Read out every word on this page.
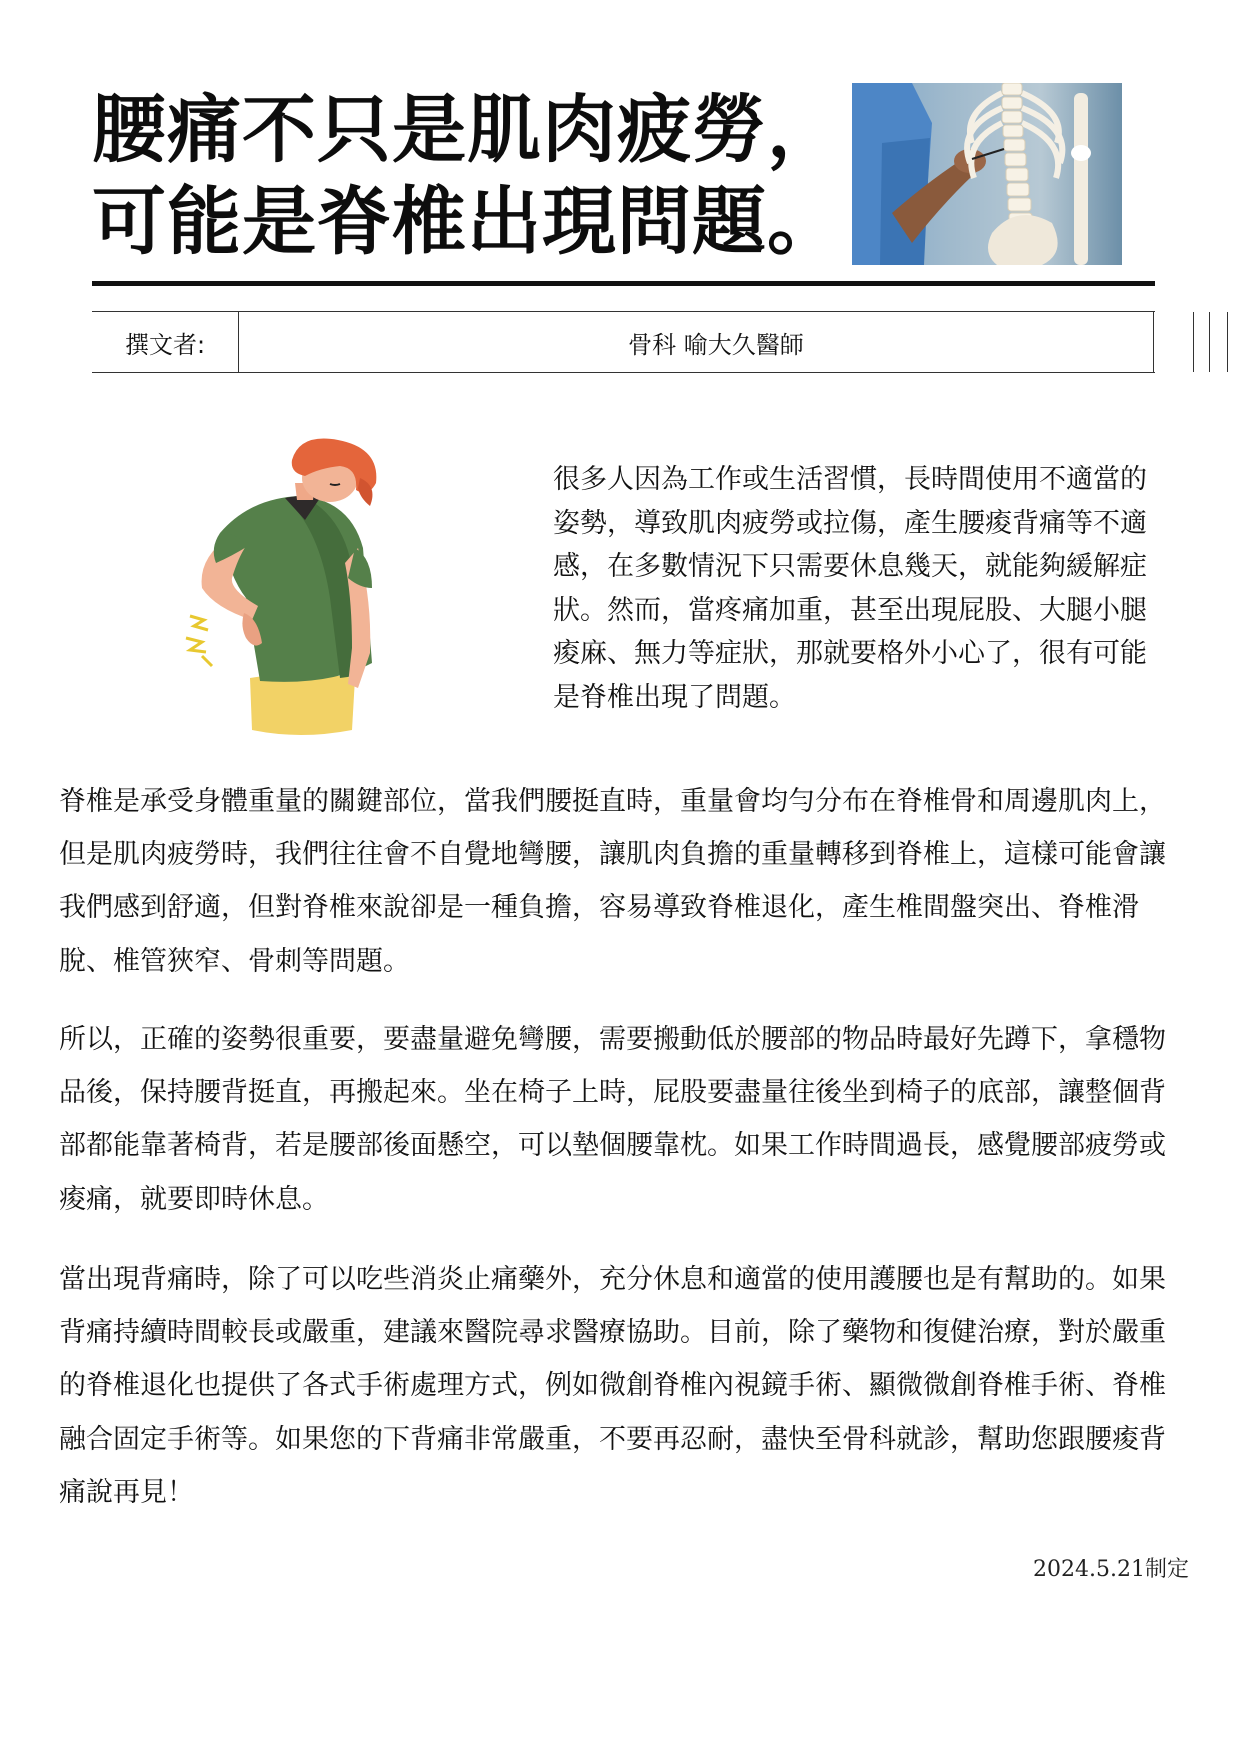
腰痛不只是肌肉疲勞，
可能是脊椎出現問題。
撰文者:	骨科 喻大久醫師

很多人因為工作或生活習慣，長時間使用不適當的姿勢，導致肌肉疲勞或拉傷，產生腰痠背痛等不適感，在多數情況下只需要休息幾天，就能夠緩解症狀。然而，當疼痛加重，甚至出現屁股、大腿小腿痠麻、無力等症狀，那就要格外小心了，很有可能是脊椎出現了問題。

脊椎是承受身體重量的關鍵部位，當我們腰挺直時，重量會均勻分布在脊椎骨和周邊肌肉上，但是肌肉疲勞時，我們往往會不自覺地彎腰，讓肌肉負擔的重量轉移到脊椎上，這樣可能會讓我們感到舒適，但對脊椎來說卻是一種負擔，容易導致脊椎退化，產生椎間盤突出、脊椎滑脫、椎管狹窄、骨刺等問題。

所以，正確的姿勢很重要，要盡量避免彎腰，需要搬動低於腰部的物品時最好先蹲下，拿穩物品後，保持腰背挺直，再搬起來。坐在椅子上時，屁股要盡量往後坐到椅子的底部，讓整個背部都能靠著椅背，若是腰部後面懸空，可以墊個腰靠枕。如果工作時間過長，感覺腰部疲勞或痠痛，就要即時休息。

當出現背痛時，除了可以吃些消炎止痛藥外，充分休息和適當的使用護腰也是有幫助的。如果背痛持續時間較長或嚴重，建議來醫院尋求醫療協助。目前，除了藥物和復健治療，對於嚴重的脊椎退化也提供了各式手術處理方式，例如微創脊椎內視鏡手術、顯微微創脊椎手術、脊椎融合固定手術等。如果您的下背痛非常嚴重，不要再忍耐，盡快至骨科就診，幫助您跟腰痠背痛說再見！

2024.5.21制定
